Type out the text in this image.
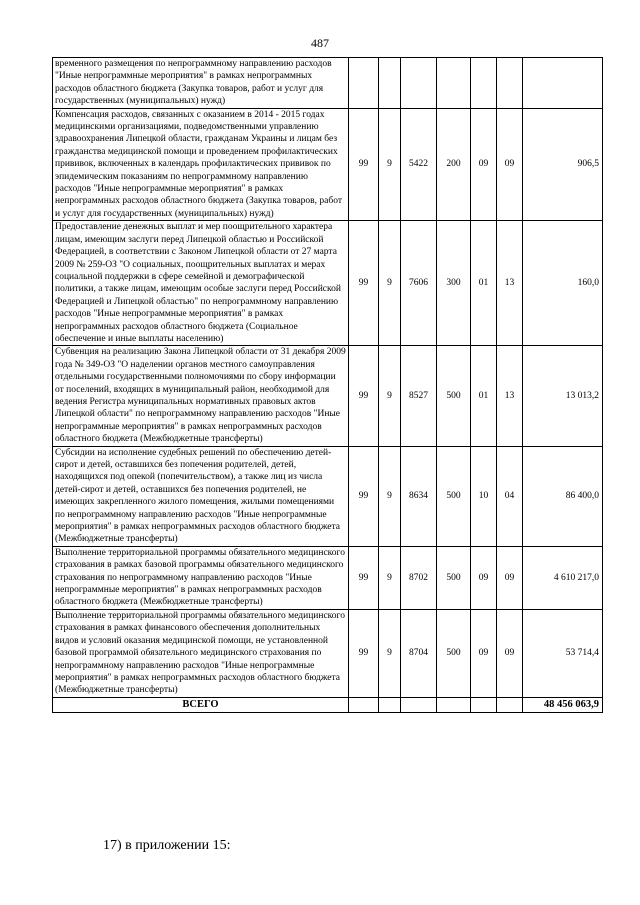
487
временного размещения по непрограммному направлению расходов "Иные непрограммные мероприятия" в рамках непрограммных расходов областного бюджета (Закупка товаров, работ и услуг для государственных (муниципальных) нужд)							
Компенсация расходов, связанных с оказанием в 2014 - 2015 годах медицинскими организациями, подведомственными управлению здравоохранения Липецкой области, гражданам Украины и лицам без гражданства медицинской помощи и проведением профилактических прививок, включенных в календарь профилактических прививок по эпидемическим показаниям по непрограммному направлению расходов "Иные непрограммные мероприятия" в рамках непрограммных расходов областного бюджета (Закупка товаров, работ и услуг для государственных (муниципальных) нужд)	99	9	5422	200	09	09	906,5
Предоставление денежных выплат и мер поощрительного характера лицам, имеющим заслуги перед Липецкой областью и Российской Федерацией, в соответствии с Законом Липецкой области от 27 марта 2009 № 259-ОЗ "О социальных, поощрительных выплатах и мерах социальной поддержки в сфере семейной и демографической политики, а также лицам, имеющим особые заслуги перед Российской Федерацией и Липецкой областью" по непрограммному направлению расходов "Иные непрограммные мероприятия" в рамках непрограммных расходов областного бюджета (Социальное обеспечение и иные выплаты населению)	99	9	7606	300	01	13	160,0
Субвенция на реализацию Закона Липецкой области от 31 декабря 2009 года № 349-ОЗ "О наделении органов местного самоуправления отдельными государственными полномочиями по сбору информации от поселений, входящих в муниципальный район, необходимой для ведения Регистра муниципальных нормативных правовых актов Липецкой области" по непрограммному направлению расходов "Иные непрограммные мероприятия" в рамках непрограммных расходов областного бюджета (Межбюджетные трансферты)	99	9	8527	500	01	13	13 013,2
Субсидии на исполнение судебных решений по обеспечению детей-сирот и детей, оставшихся без попечения родителей, детей, находящихся под опекой (попечительством), а также лиц из числа детей-сирот и детей, оставшихся без попечения родителей, не имеющих закрепленного жилого помещения, жилыми помещениями по непрограммному направлению расходов "Иные непрограммные мероприятия" в рамках непрограммных расходов областного бюджета (Межбюджетные трансферты)	99	9	8634	500	10	04	86 400,0
Выполнение территориальной программы обязательного медицинского страхования в рамках базовой программы обязательного медицинского страхования по непрограммному направлению расходов "Иные непрограммные мероприятия" в рамках непрограммных расходов областного бюджета (Межбюджетные трансферты)	99	9	8702	500	09	09	4 610 217,0
Выполнение территориальной программы обязательного медицинского страхования в рамках финансового обеспечения дополнительных видов и условий оказания медицинской помощи, не установленной базовой программой обязательного медицинского страхования по непрограммному направлению расходов "Иные непрограммные мероприятия" в рамках непрограммных расходов областного бюджета (Межбюджетные трансферты)	99	9	8704	500	09	09	53 714,4
ВСЕГО							48 456 063,9
17) в приложении 15:
